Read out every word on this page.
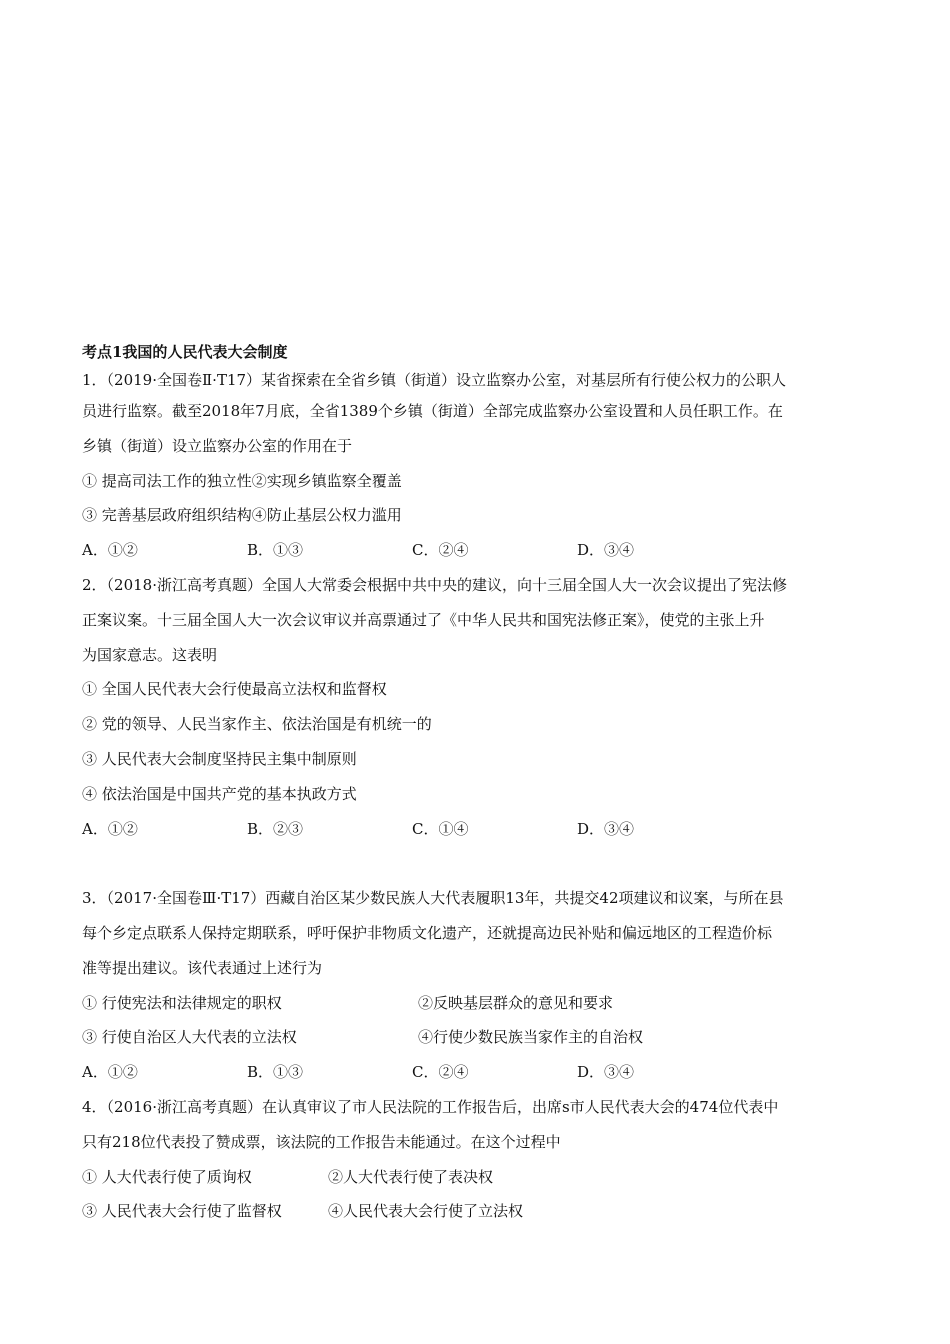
考点1我国的人民代表大会制度
1．（2019·全国卷Ⅱ·T17）某省探索在全省乡镇（街道）设立监察办公室，对基层所有行使公权力的公职人
员进行监察。截至2018年7月底，全省1389个乡镇（街道）全部完成监察办公室设置和人员任职工作。在
乡镇（街道）设立监察办公室的作用在于
① 提高司法工作的独立性②实现乡镇监察全覆盖
③ 完善基层政府组织结构④防止基层公权力滥用
A．①②	B．①③	C．②④	D．③④
2．（2018·浙江高考真题）全国人大常委会根据中共中央的建议，向十三届全国人大一次会议提出了宪法修
正案议案。十三届全国人大一次会议审议并高票通过了《中华人民共和国宪法修正案》，使党的主张上升
为国家意志。这表明
① 全国人民代表大会行使最高立法权和监督权
② 党的领导、人民当家作主、依法治国是有机统一的
③ 人民代表大会制度坚持民主集中制原则
④ 依法治国是中国共产党的基本执政方式
A．①②	B．②③	C．①④	D．③④
3．（2017·全国卷Ⅲ·T17）西藏自治区某少数民族人大代表履职13年，共提交42项建议和议案，与所在县
每个乡定点联系人保持定期联系，呼吁保护非物质文化遗产，还就提高边民补贴和偏远地区的工程造价标
准等提出建议。该代表通过上述行为
① 行使宪法和法律规定的职权	②反映基层群众的意见和要求
③ 行使自治区人大代表的立法权	④行使少数民族当家作主的自治权
A．①②	B．①③	C．②④	D．③④
4．（2016·浙江高考真题）在认真审议了市人民法院的工作报告后，出席s市人民代表大会的474位代表中
只有218位代表投了赞成票，该法院的工作报告未能通过。在这个过程中
① 人大代表行使了质询权	②人大代表行使了表决权
③ 人民代表大会行使了监督权	④人民代表大会行使了立法权
